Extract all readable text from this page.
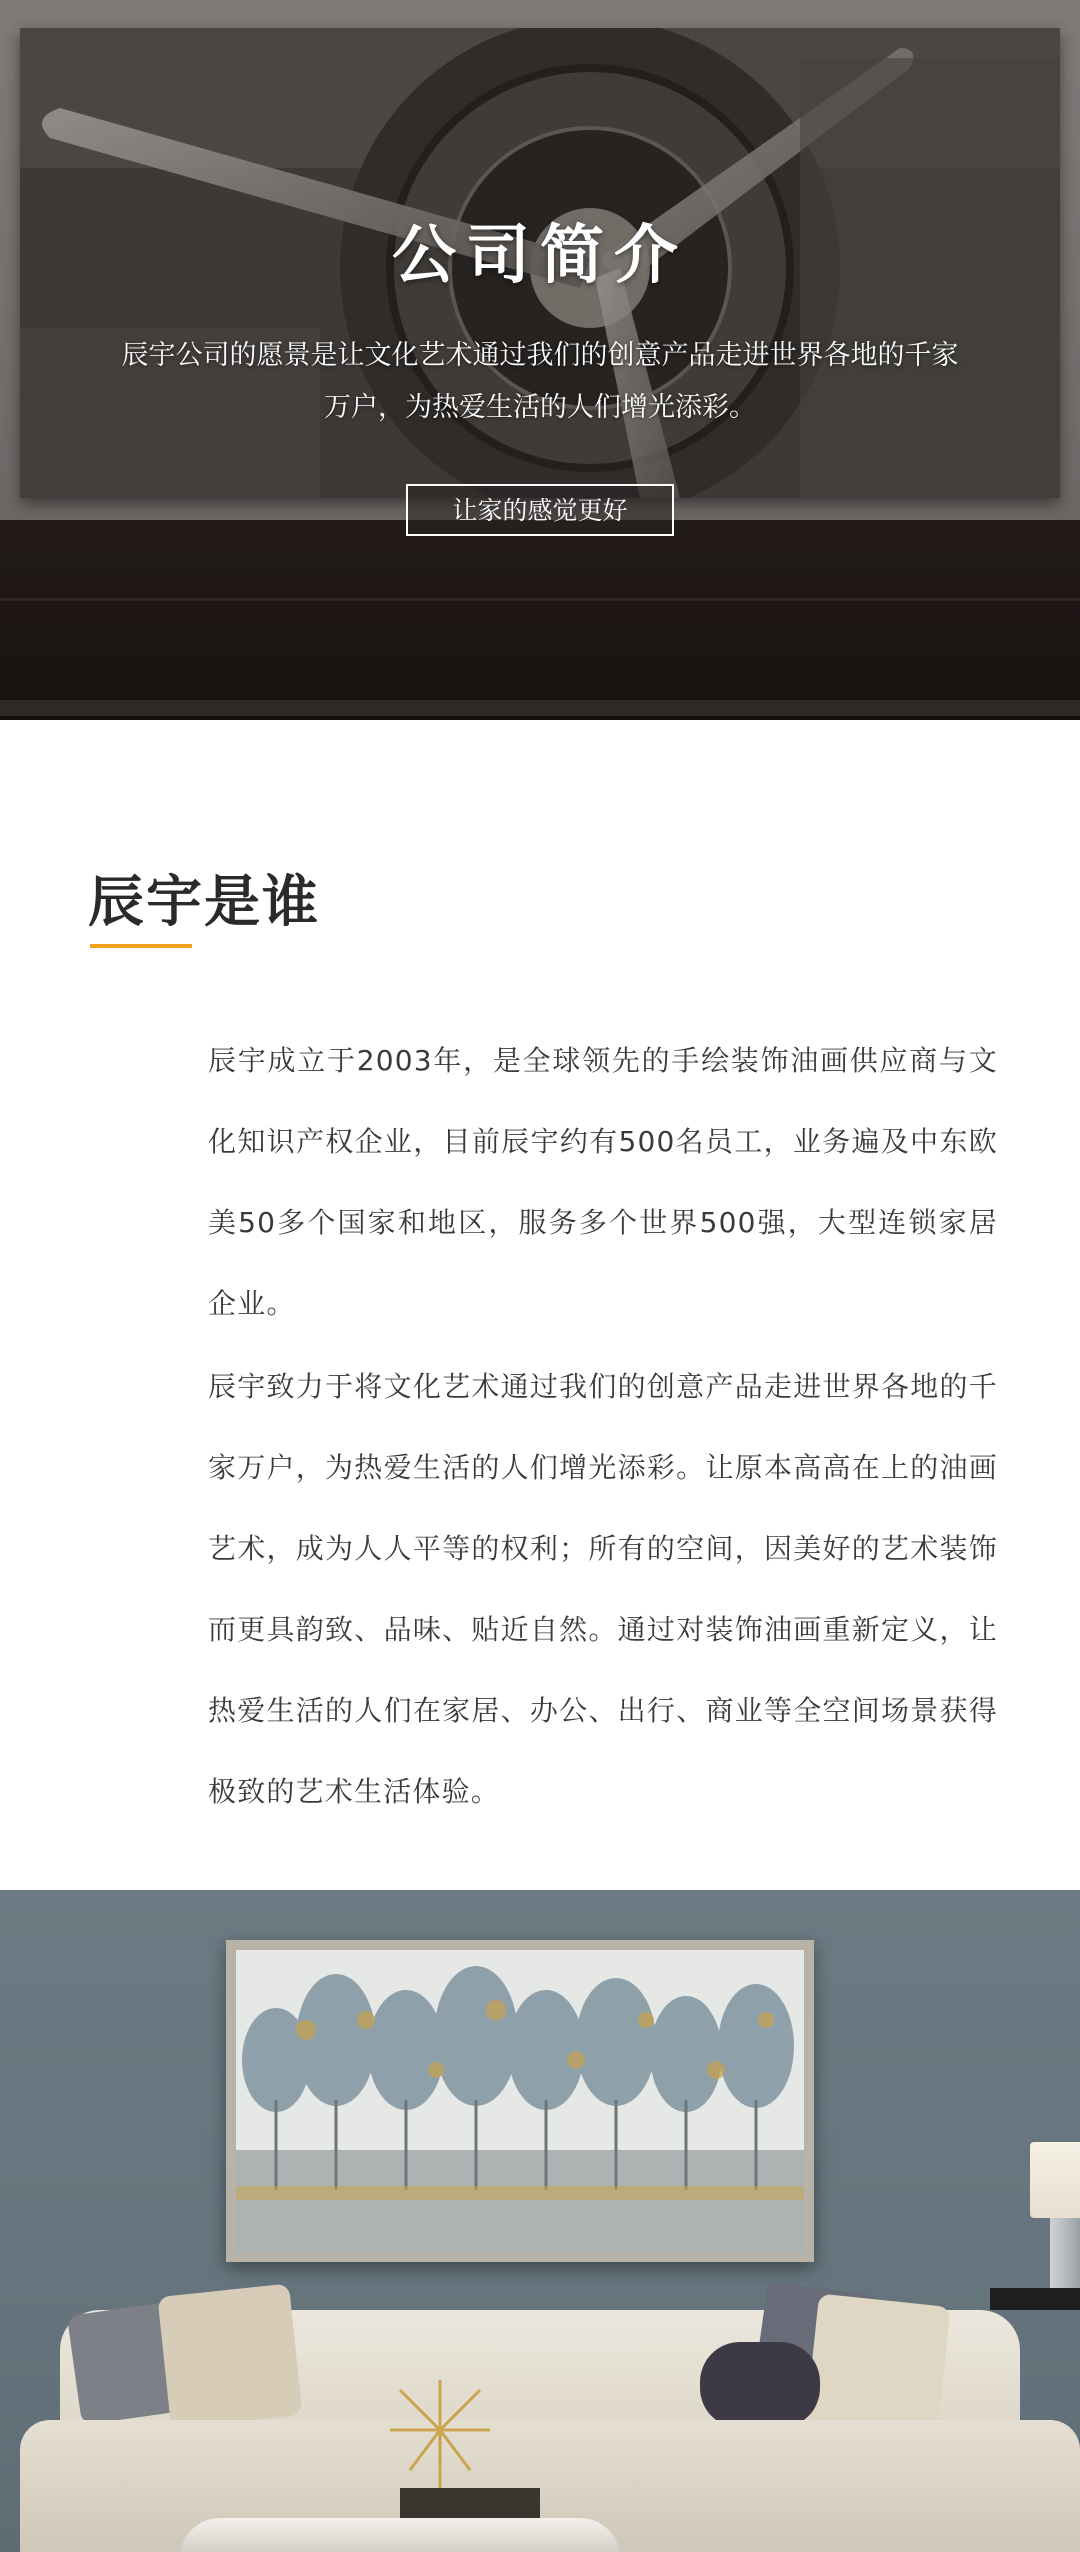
公司简介

辰宇公司的愿景是让文化艺术通过我们的创意产品走进世界各地的千家
万户，为热爱生活的人们增光添彩。

让家的感觉更好
辰宇是谁

辰宇成立于2003年，是全球领先的手绘装饰油画供应商与文化知识产权企业，目前辰宇约有500名员工，业务遍及中东欧美50多个国家和地区，服务多个世界500强，大型连锁家居企业。

辰宇致力于将文化艺术通过我们的创意产品走进世界各地的千家万户，为热爱生活的人们增光添彩。让原本高高在上的油画艺术，成为人人平等的权利；所有的空间，因美好的艺术装饰而更具韵致、品味、贴近自然。通过对装饰油画重新定义，让热爱生活的人们在家居、办公、出行、商业等全空间场景获得极致的艺术生活体验。
